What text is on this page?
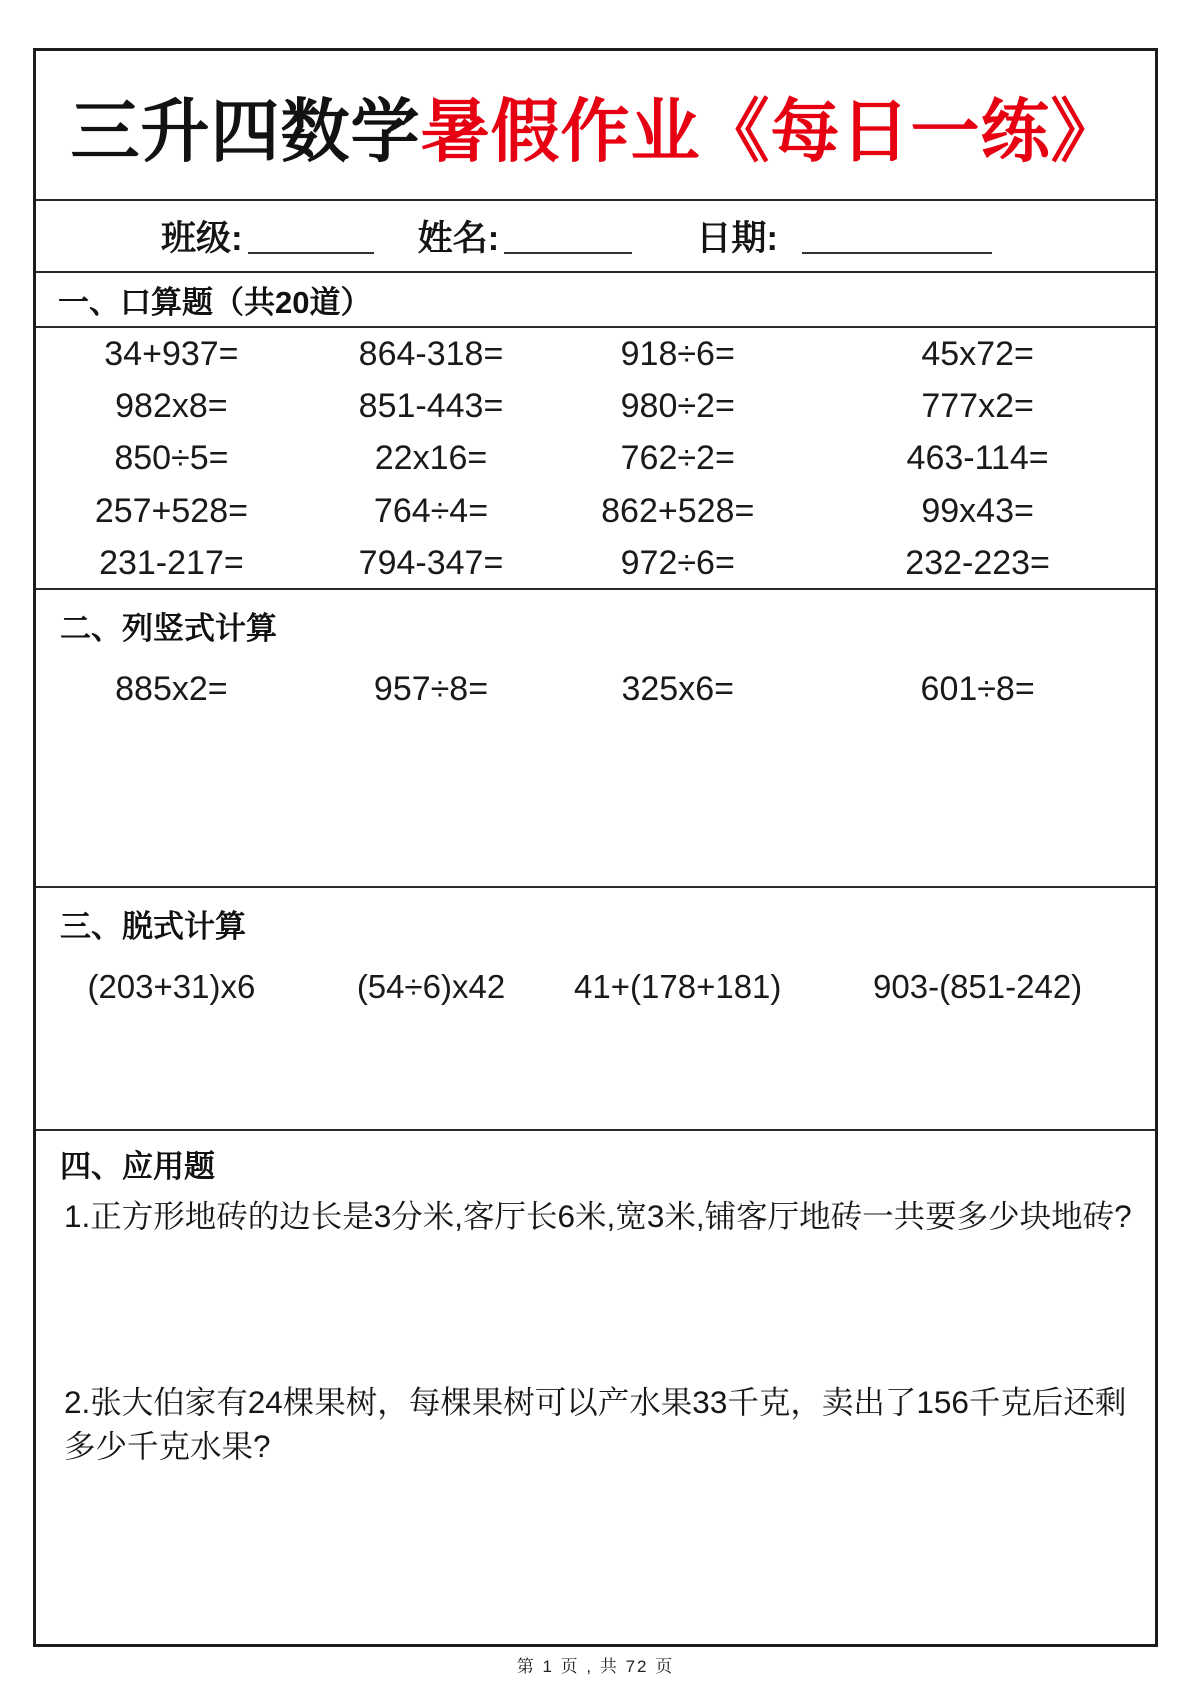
三升四数学 暑假作业《每日一练》
班级:	姓名:	日期:
一、口算题（共20道）
34+937=	864-318=	918÷6=	45x72=
982x8=	851-443=	980÷2=	777x2=
850÷5=	22x16=	762÷2=	463-114=
257+528=	764÷4=	862+528=	99x43=
231-217=	794-347=	972÷6=	232-223=
二、列竖式计算
885x2=	957÷8=	325x6=	601÷8=
三、脱式计算
(203+31)x6	(54÷6)x42 41+(178+181)	903-(851-242)
四、应用题

1.正方形地砖的边长是3分米,客厅长6米,宽3米,铺客厅地砖一共要多少块地砖?

2.张大伯家有24棵果树，每棵果树可以产水果33千克，卖出了156千克后还剩多少千克水果?

第 1 页 , 共 72 页
